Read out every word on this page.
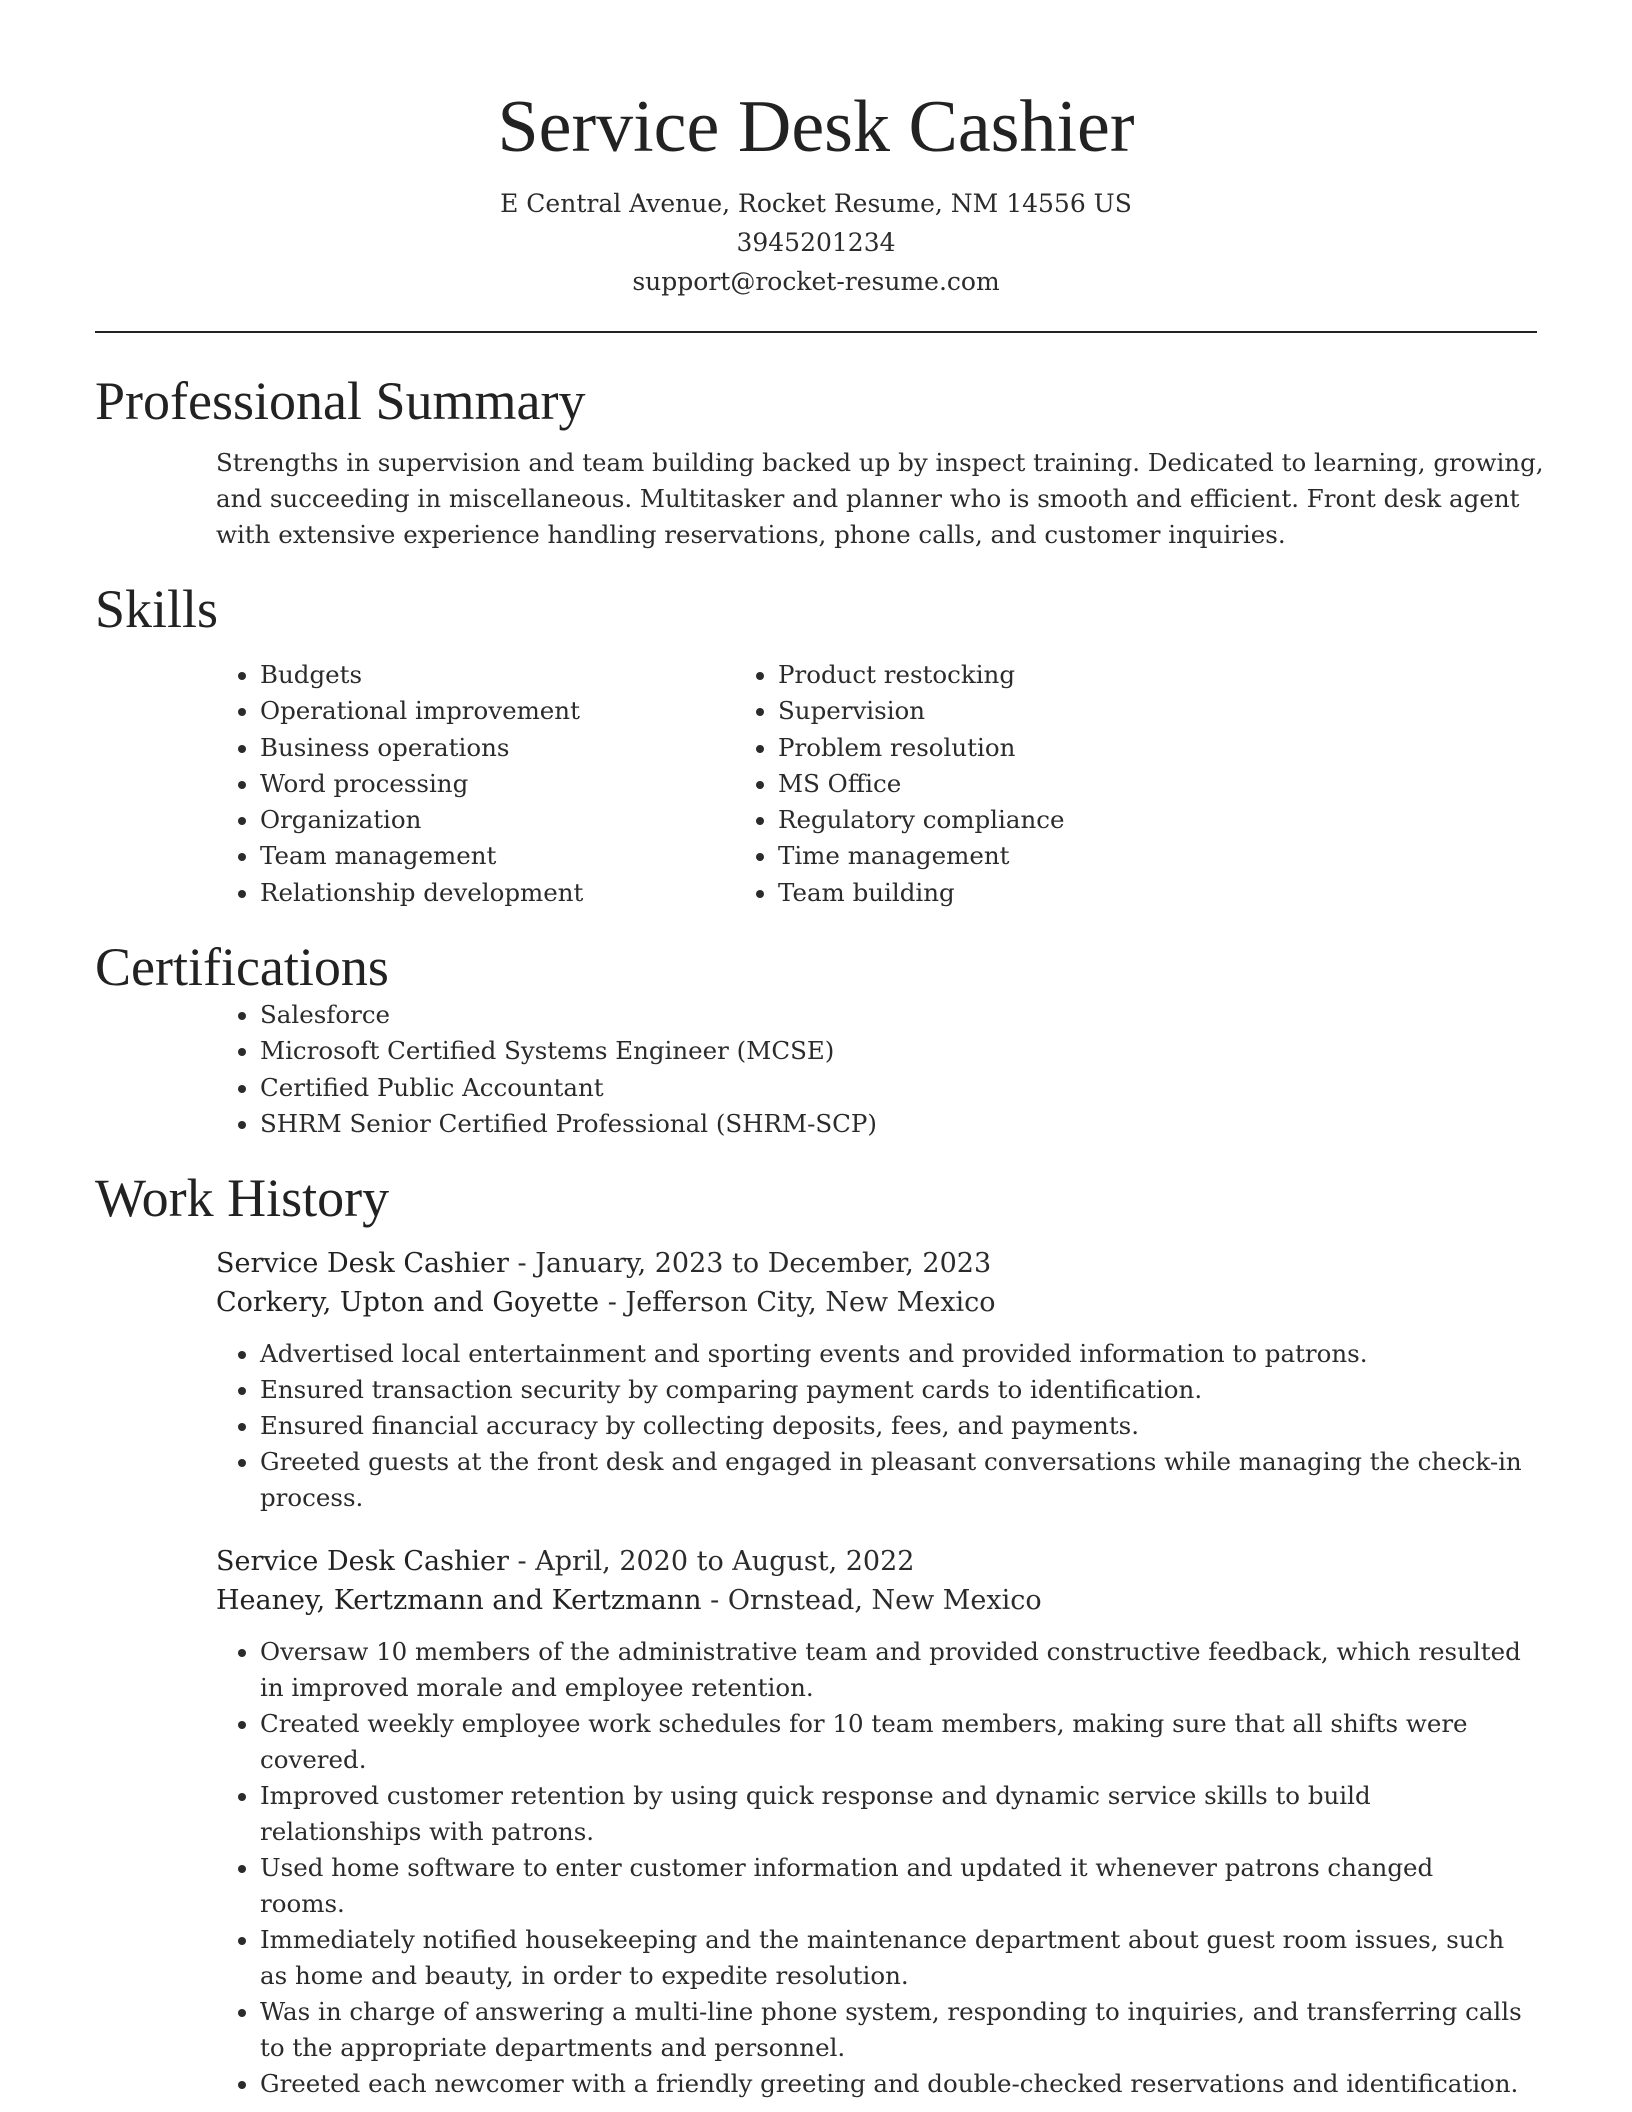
Service Desk Cashier
E Central Avenue, Rocket Resume, NM 14556 US
3945201234
support@rocket-resume.com
Professional Summary

Strengths in supervision and team building backed up by inspect training. Dedicated to learning, growing, and succeeding in miscellaneous. Multitasker and planner who is smooth and efficient. Front desk agent with extensive experience handling reservations, phone calls, and customer inquiries.

Skills
• Budgets
• Operational improvement
• Business operations
• Word processing
• Organization
• Team management
• Relationship development
• Product restocking
• Supervision
• Problem resolution
• MS Office
• Regulatory compliance
• Time management
• Team building
Certifications
• Salesforce
• Microsoft Certified Systems Engineer (MCSE)
• Certified Public Accountant
• SHRM Senior Certified Professional (SHRM-SCP)
Work History
Service Desk Cashier - January, 2023 to December, 2023
Corkery, Upton and Goyette - Jefferson City, New Mexico
• Advertised local entertainment and sporting events and provided information to patrons.
• Ensured transaction security by comparing payment cards to identification.
• Ensured financial accuracy by collecting deposits, fees, and payments.
• Greeted guests at the front desk and engaged in pleasant conversations while managing the check-in process.
Service Desk Cashier - April, 2020 to August, 2022
Heaney, Kertzmann and Kertzmann - Ornstead, New Mexico
• Oversaw 10 members of the administrative team and provided constructive feedback, which resulted in improved morale and employee retention.
• Created weekly employee work schedules for 10 team members, making sure that all shifts were covered.
• Improved customer retention by using quick response and dynamic service skills to build relationships with patrons.
• Used home software to enter customer information and updated it whenever patrons changed rooms.
• Immediately notified housekeeping and the maintenance department about guest room issues, such as home and beauty, in order to expedite resolution.
• Was in charge of answering a multi-line phone system, responding to inquiries, and transferring calls to the appropriate departments and personnel.
• Greeted each newcomer with a friendly greeting and double-checked reservations and identification.
